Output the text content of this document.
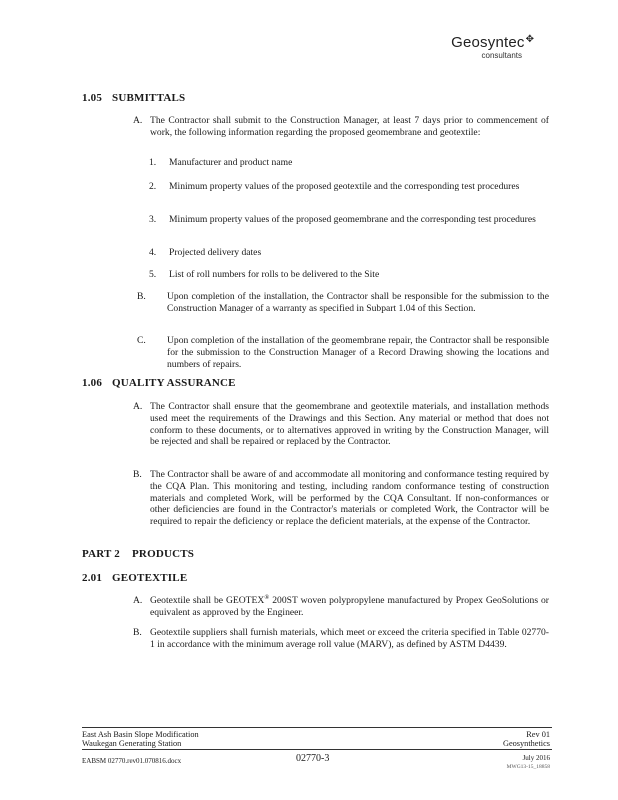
Geosyntec✥
consultants
1.05 SUBMITTALS
A. The Contractor shall submit to the Construction Manager, at least 7 days prior to commencement of work, the following information regarding the proposed geomembrane and geotextile:
1. Manufacturer and product name
2. Minimum property values of the proposed geotextile and the corresponding test procedures
3. Minimum property values of the proposed geomembrane and the corresponding test procedures
4. Projected delivery dates
5. List of roll numbers for rolls to be delivered to the Site
B. Upon completion of the installation, the Contractor shall be responsible for the submission to the Construction Manager of a warranty as specified in Subpart 1.04 of this Section.
C. Upon completion of the installation of the geomembrane repair, the Contractor shall be responsible for the submission to the Construction Manager of a Record Drawing showing the locations and numbers of repairs.
1.06 QUALITY ASSURANCE
A. The Contractor shall ensure that the geomembrane and geotextile materials, and installation methods used meet the requirements of the Drawings and this Section. Any material or method that does not conform to these documents, or to alternatives approved in writing by the Construction Manager, will be rejected and shall be repaired or replaced by the Contractor.
B. The Contractor shall be aware of and accommodate all monitoring and conformance testing required by the CQA Plan. This monitoring and testing, including random conformance testing of construction materials and completed Work, will be performed by the CQA Consultant. If non-conformances or other deficiencies are found in the Contractor's materials or completed Work, the Contractor will be required to repair the deficiency or replace the deficient materials, at the expense of the Contractor.
PART 2 PRODUCTS
2.01 GEOTEXTILE
A. Geotextile shall be GEOTEX® 200ST woven polypropylene manufactured by Propex GeoSolutions or equivalent as approved by the Engineer.
B. Geotextile suppliers shall furnish materials, which meet or exceed the criteria specified in Table 02770-1 in accordance with the minimum average roll value (MARV), as defined by ASTM D4439.
East Ash Basin Slope Modification
Waukegan Generating Station
Rev 01
Geosynthetics
EABSM 02770.rev01.070816.docx	02770-3	July 2016
MWG13-15_18858
